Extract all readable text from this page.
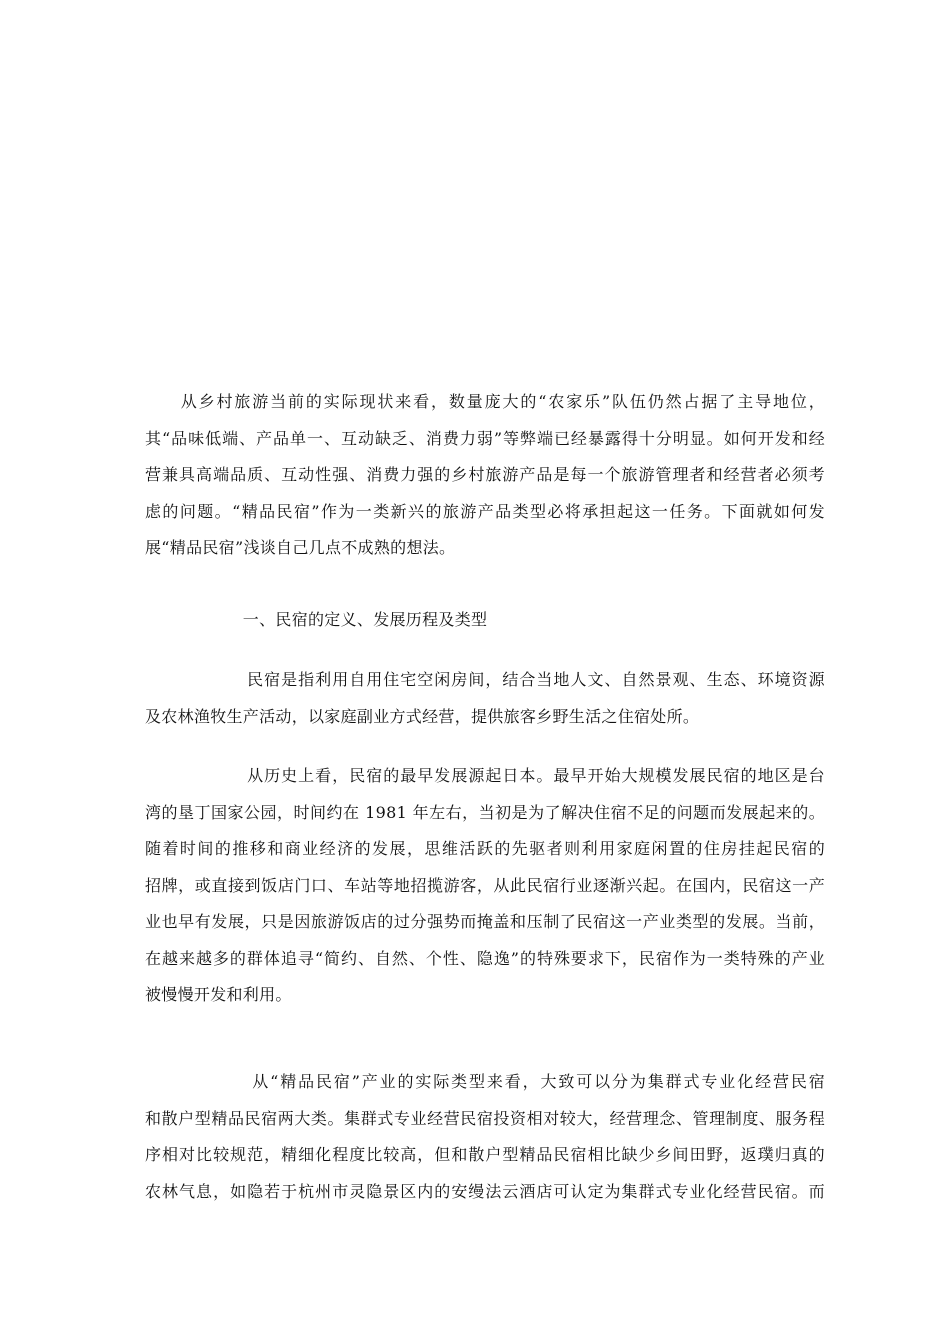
　　从乡村旅游当前的实际现状来看，数量庞大的“农家乐”队伍仍然占据了主导地位，
其“品味低端、产品单一、互动缺乏、消费力弱”等弊端已经暴露得十分明显。如何开发和经
营兼具高端品质、互动性强、消费力强的乡村旅游产品是每一个旅游管理者和经营者必须考
虑的问题。“精品民宿”作为一类新兴的旅游产品类型必将承担起这一任务。下面就如何发
展“精品民宿”浅谈自己几点不成熟的想法。
　　　　　　一、民宿的定义、发展历程及类型
　　　　　　民宿是指利用自用住宅空闲房间，结合当地人文、自然景观、生态、环境资源
及农林渔牧生产活动，以家庭副业方式经营，提供旅客乡野生活之住宿处所。
　　　　　　从历史上看，民宿的最早发展源起日本。最早开始大规模发展民宿的地区是台
湾的垦丁国家公园，时间约在 1981 年左右，当初是为了解决住宿不足的问题而发展起来的。
随着时间的推移和商业经济的发展，思维活跃的先驱者则利用家庭闲置的住房挂起民宿的
招牌，或直接到饭店门口、车站等地招揽游客，从此民宿行业逐渐兴起。在国内，民宿这一产
业也早有发展，只是因旅游饭店的过分强势而掩盖和压制了民宿这一产业类型的发展。当前，
在越来越多的群体追寻“简约、自然、个性、隐逸”的特殊要求下，民宿作为一类特殊的产业
被慢慢开发和利用。
　　　　　　从“精品民宿”产业的实际类型来看，大致可以分为集群式专业化经营民宿
和散户型精品民宿两大类。集群式专业经营民宿投资相对较大，经营理念、管理制度、服务程
序相对比较规范，精细化程度比较高，但和散户型精品民宿相比缺少乡间田野，返璞归真的
农林气息，如隐若于杭州市灵隐景区内的安缦法云酒店可认定为集群式专业化经营民宿。而
